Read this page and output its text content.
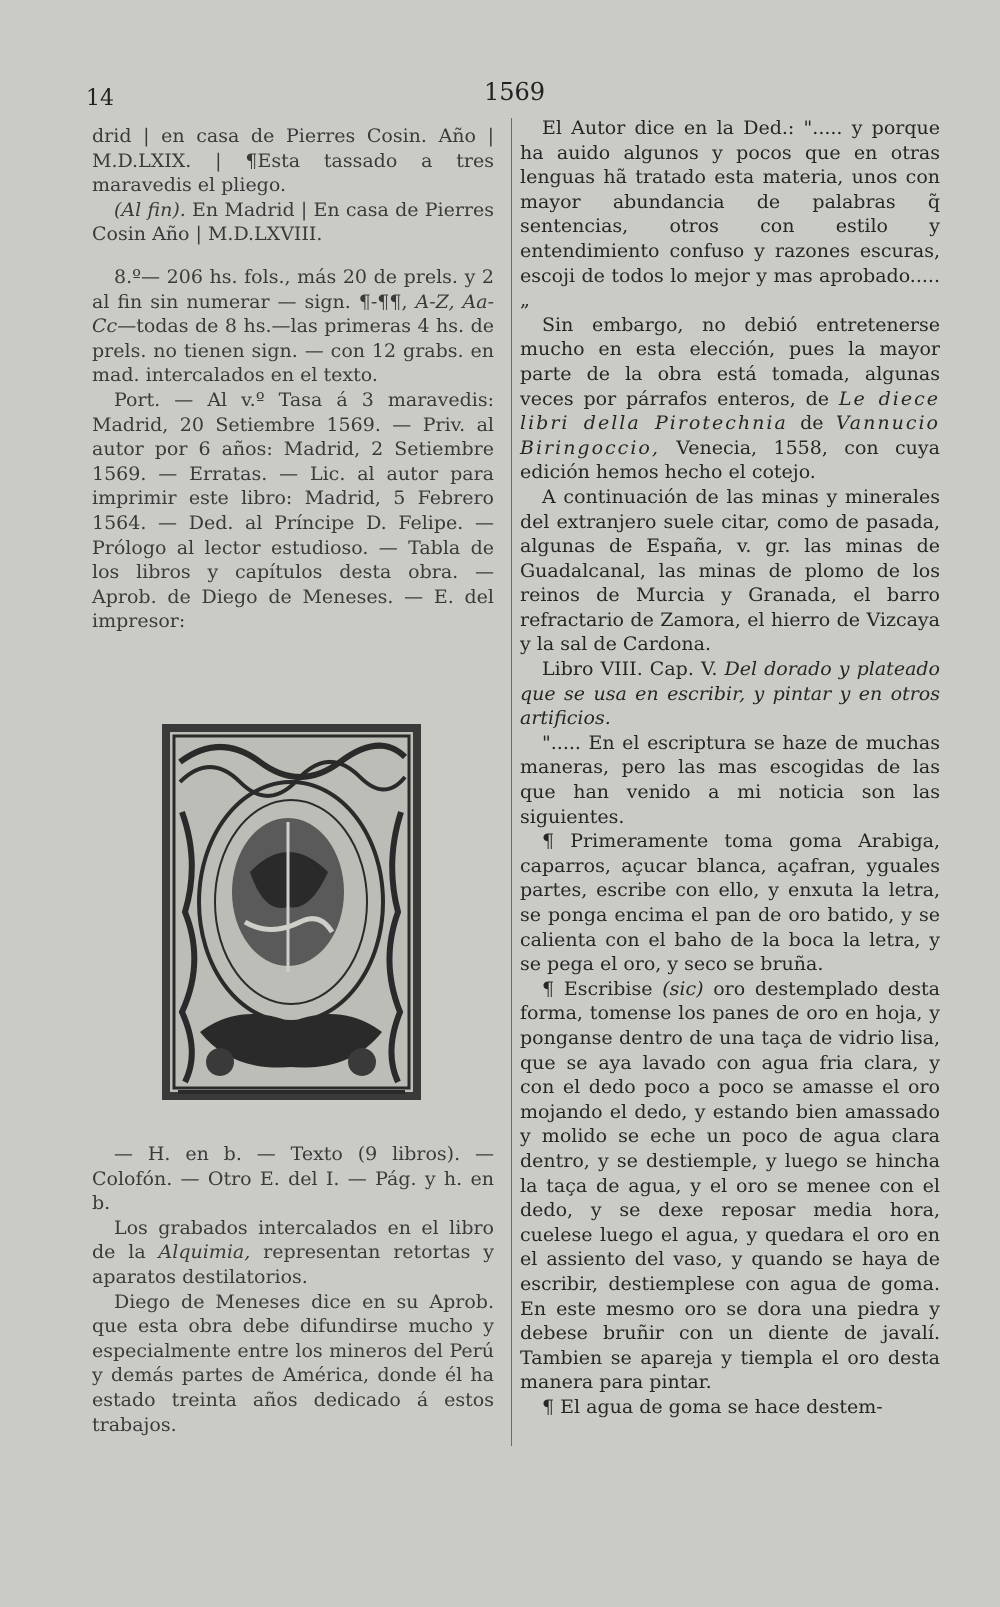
14	1569

drid | en casa de Pierres Cosin. Año | M.D.LXIX. | ¶Esta tassado a tres maravedis el pliego.

(Al fin). En Madrid | En casa de Pierres Cosin Año | M.D.LXVIII.

8.º— 206 hs. fols., más 20 de prels. y 2 al fin sin numerar — sign. ¶-¶¶, A-Z, Aa-Cc—todas de 8 hs.—las primeras 4 hs. de prels. no tienen sign. — con 12 grabs. en mad. intercalados en el texto.

Port. — Al v.º Tasa á 3 maravedis: Madrid, 20 Setiembre 1569. — Priv. al autor por 6 años: Madrid, 2 Setiembre 1569. — Erratas. — Lic. al autor para imprimir este libro: Madrid, 5 Febrero 1564. — Ded. al Príncipe D. Felipe. —Prólogo al lector estudioso. — Tabla de los libros y capítulos desta obra. — Aprob. de Diego de Meneses. — E. del impresor:

— H. en b. — Texto (9 libros). — Colofón. — Otro E. del I. — Pág. y h. en b.

Los grabados intercalados en el libro de la Alquimia, representan retortas y aparatos destilatorios.

Diego de Meneses dice en su Aprob. que esta obra debe difundirse mucho y especialmente entre los mineros del Perú y demás partes de América, donde él ha estado treinta años dedicado á estos trabajos.

El Autor dice en la Ded.: "..... y porque ha auido algunos y pocos que en otras lenguas hã tratado esta materia, unos con mayor abundancia de palabras q̃ sentencias, otros con estilo y entendimiento confuso y razones escuras, escoji de todos lo mejor y mas aprobado..... „

Sin embargo, no debió entretenerse mucho en esta elección, pues la mayor parte de la obra está tomada, algunas veces por párrafos enteros, de Le diece libri della Pirotechnia de Vannucio Biringoccio, Venecia, 1558, con cuya edición hemos hecho el cotejo.

A continuación de las minas y minerales del extranjero suele citar, como de pasada, algunas de España, v. gr. las minas de Guadalcanal, las minas de plomo de los reinos de Murcia y Granada, el barro refractario de Zamora, el hierro de Vizcaya y la sal de Cardona.

Libro VIII. Cap. V. Del dorado y plateado que se usa en escribir, y pintar y en otros artificios.

"..... En el escriptura se haze de muchas maneras, pero las mas escogidas de las que han venido a mi noticia son las siguientes.

¶ Primeramente toma goma Arabiga, caparros, açucar blanca, açafran, yguales partes, escribe con ello, y enxuta la letra, se ponga encima el pan de oro batido, y se calienta con el baho de la boca la letra, y se pega el oro, y seco se bruña.

¶ Escribise (sic) oro destemplado desta forma, tomense los panes de oro en hoja, y ponganse dentro de una taça de vidrio lisa, que se aya lavado con agua fria clara, y con el dedo poco a poco se amasse el oro mojando el dedo, y estando bien amassado y molido se eche un poco de agua clara dentro, y se destiemple, y luego se hincha la taça de agua, y el oro se menee con el dedo, y se dexe reposar media hora, cuelese luego el agua, y quedara el oro en el assiento del vaso, y quando se haya de escribir, destiemplese con agua de goma. En este mesmo oro se dora una piedra y debese bruñir con un diente de javalí. Tambien se apareja y tiempla el oro desta manera para pintar.

¶ El agua de goma se hace destem-
